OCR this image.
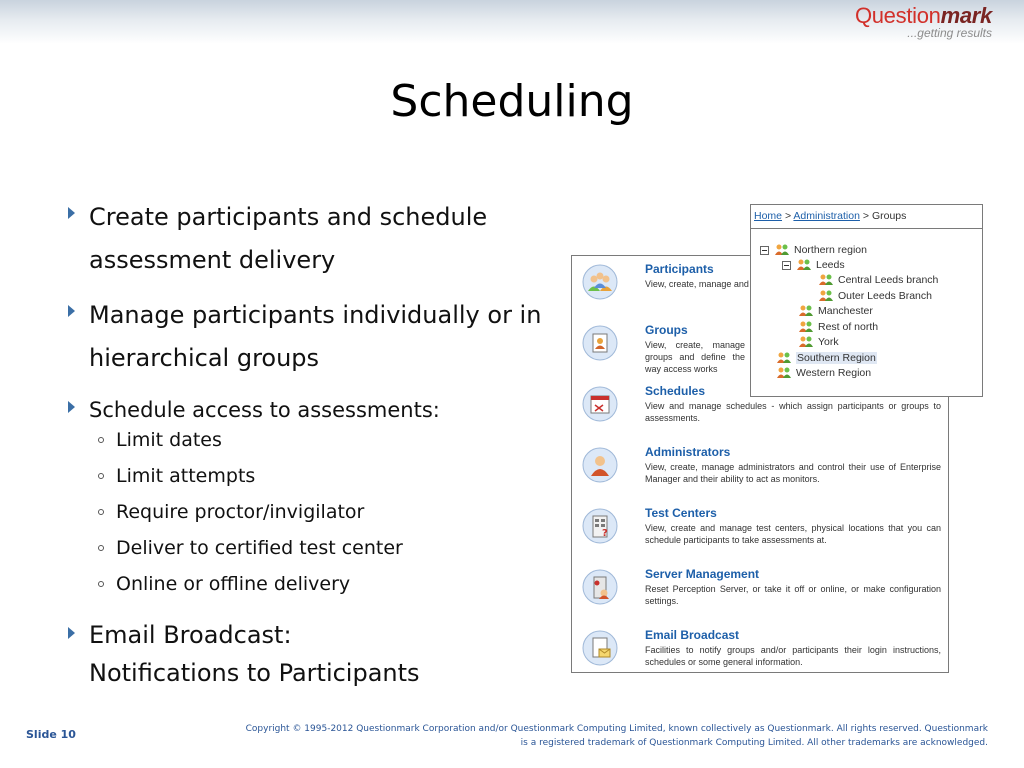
Questionmark
...getting results
Scheduling
Create participants and schedule assessment delivery
Manage participants individually or in hierarchical groups
Schedule access to assessments:
Limit dates
Limit attempts
Require proctor/invigilator
Deliver to certified test center
Online or offline delivery
Email Broadcast:
Notifications to Participants
Participants
View, create, manage and
Groups
View, create, manage groups and define the way access works
Schedules
View and manage schedules - which assign participants or groups to assessments.
Administrators
View, create, manage administrators and control their use of Enterprise Manager and their ability to act as monitors.
?
Test Centers
View, create and manage test centers, physical locations that you can schedule participants to take assessments at.
Server Management
Reset Perception Server, or take it off or online, or make configuration settings.
Email Broadcast
Facilities to notify groups and/or participants their login instructions, schedules or some general information.
Home > Administration > Groups
Northern region
Leeds
Central Leeds branch
Outer Leeds Branch
Manchester
Rest of north
York
Southern Region
Western Region
Slide 10	Copyright © 1995-2012 Questionmark Corporation and/or Questionmark Computing Limited, known collectively as Questionmark. All rights reserved. Questionmark
is a registered trademark of Questionmark Computing Limited. All other trademarks are acknowledged.
